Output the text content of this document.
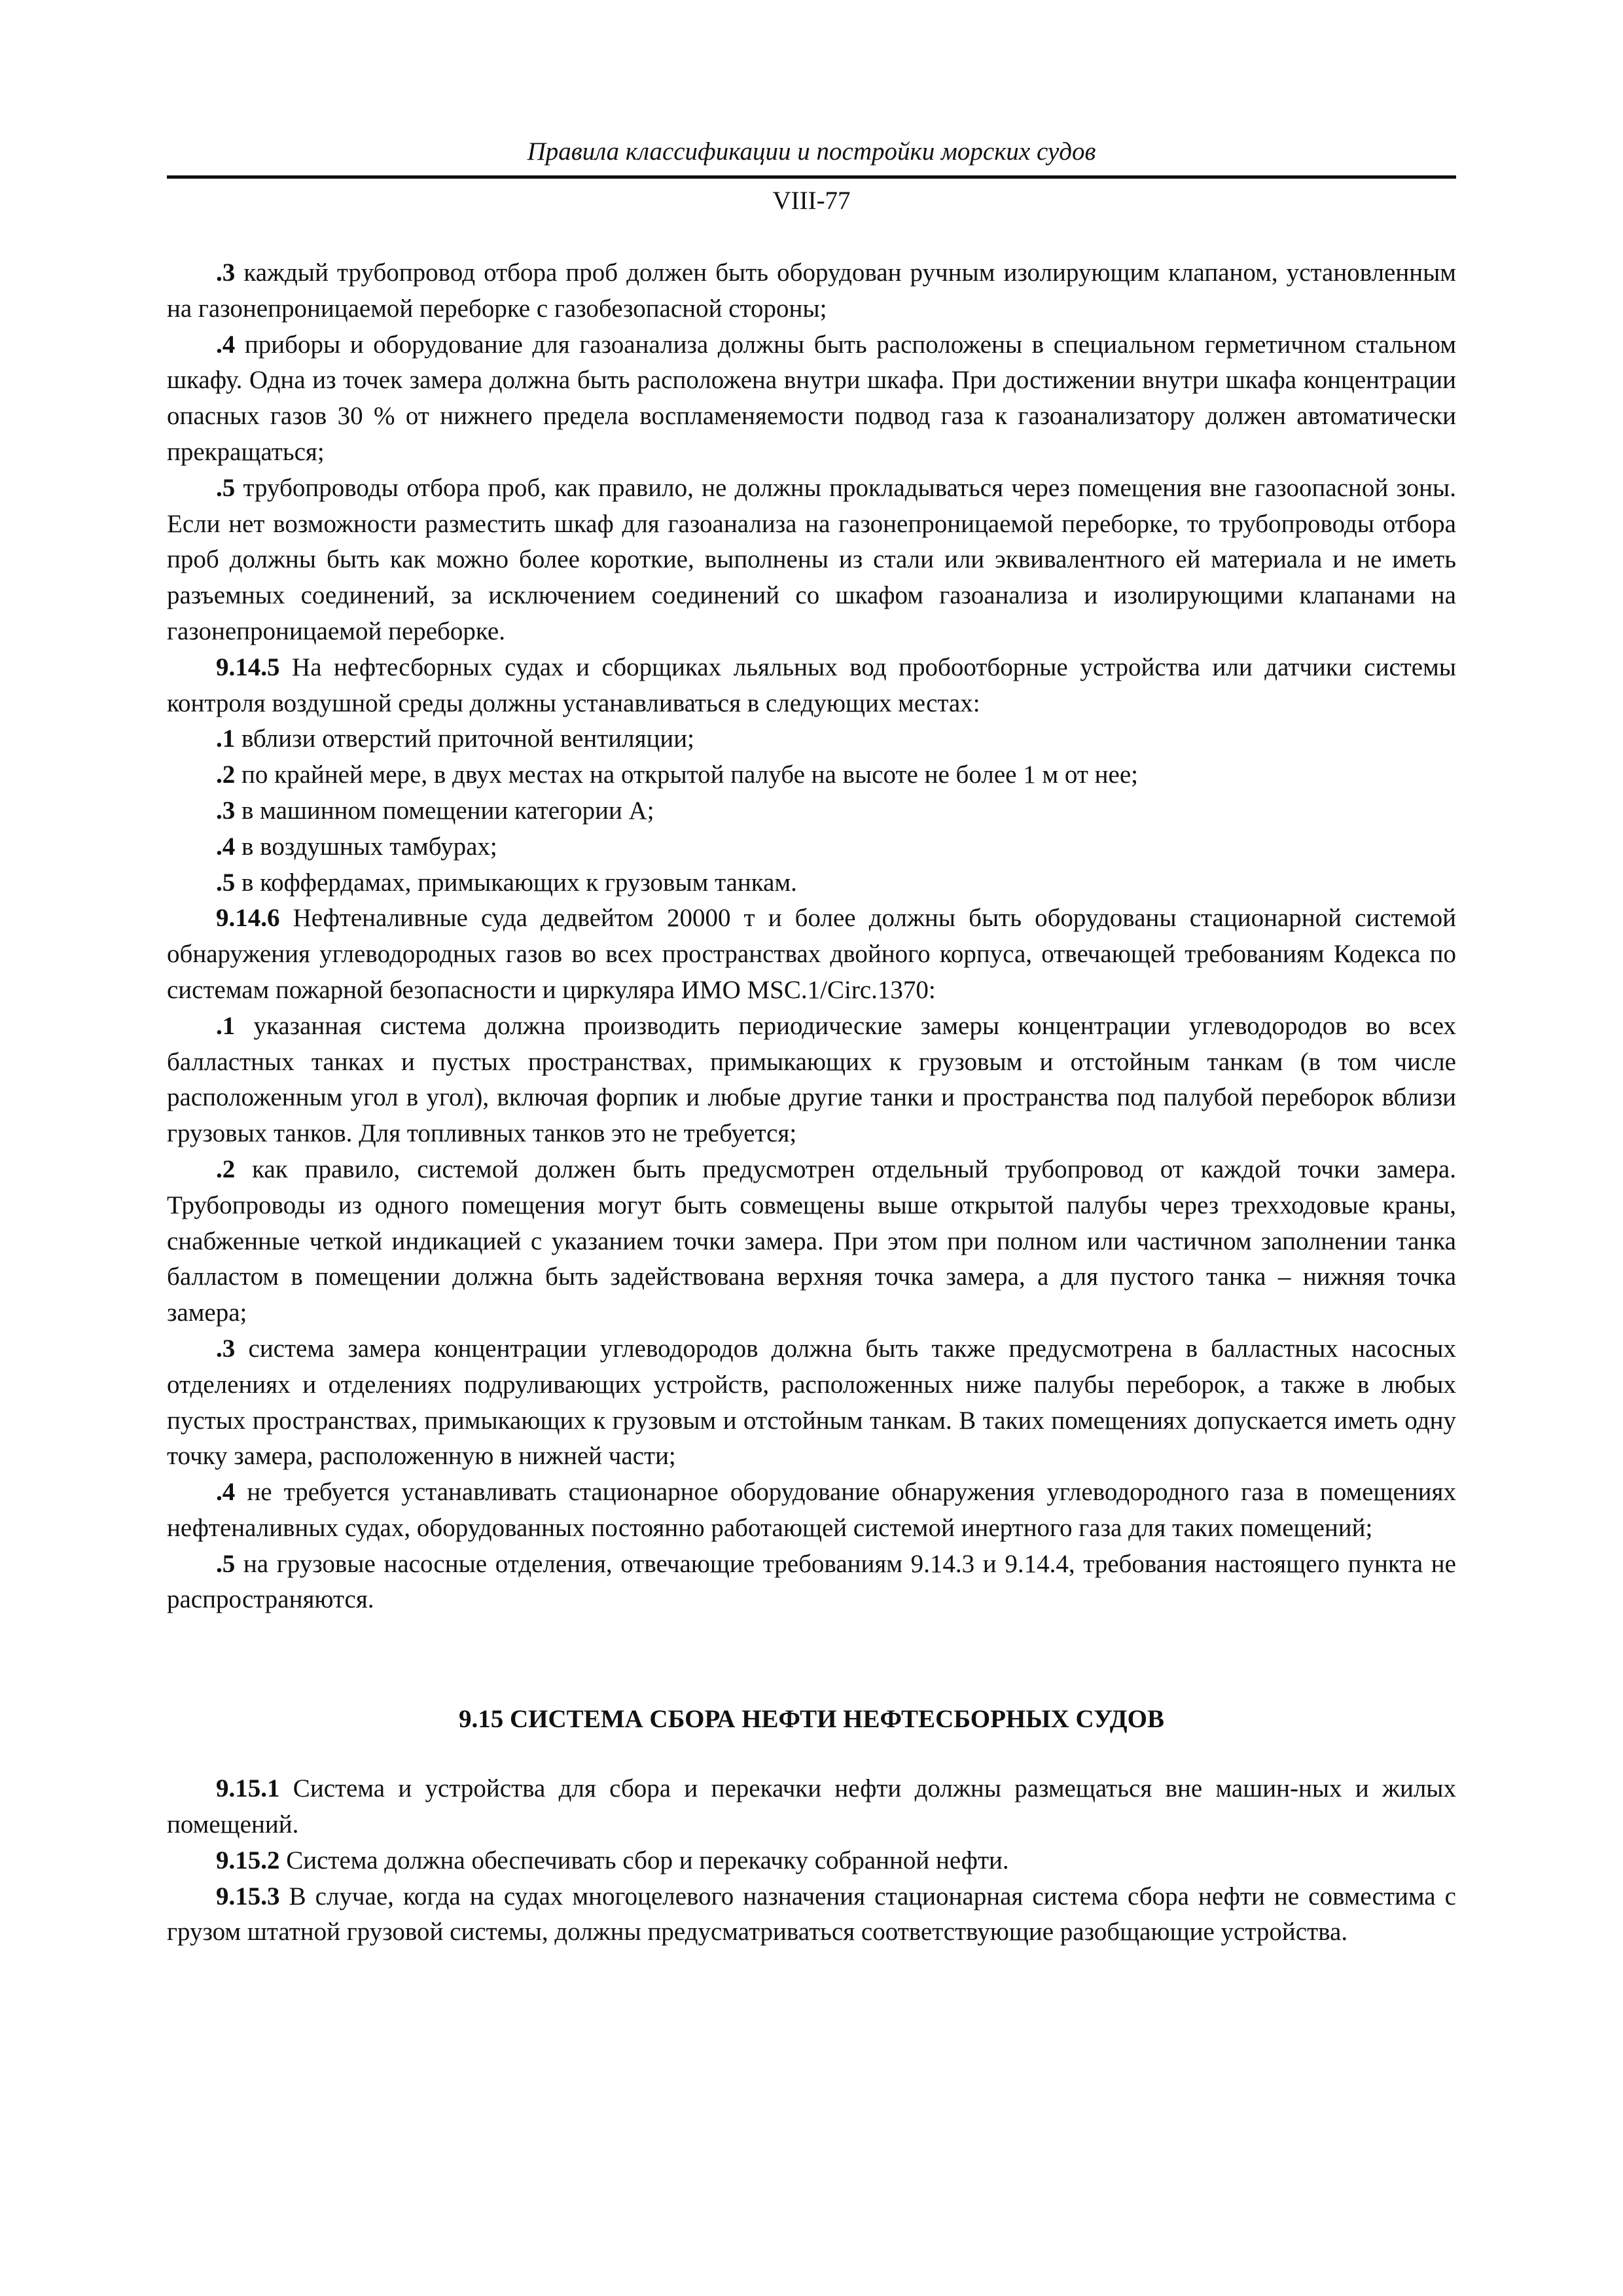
Правила классификации и постройки морских судов
VIII-77

.3 каждый трубопровод отбора проб должен быть оборудован ручным изолирующим клапаном, установленным на газонепроницаемой переборке с газобезопасной стороны;

.4 приборы и оборудование для газоанализа должны быть расположены в специальном герметичном стальном шкафу. Одна из точек замера должна быть расположена внутри шкафа. При достижении внутри шкафа концентрации опасных газов 30 % от нижнего предела воспламеняемости подвод газа к газоанализатору должен автоматически прекращаться;

.5 трубопроводы отбора проб, как правило, не должны прокладываться через помещения вне газоопасной зоны. Если нет возможности разместить шкаф для газоанализа на газонепроницаемой переборке, то трубопроводы отбора проб должны быть как можно более короткие, выполнены из стали или эквивалентного ей материала и не иметь разъемных соединений, за исключением соединений со шкафом газоанализа и изолирующими клапанами на газонепроницаемой переборке.

9.14.5 На нефтесборных судах и сборщиках льяльных вод пробоотборные устройства или датчики системы контроля воздушной среды должны устанавливаться в следующих местах:

.1 вблизи отверстий приточной вентиляции;

.2 по крайней мере, в двух местах на открытой палубе на высоте не более 1 м от нее;

.3 в машинном помещении категории А;

.4 в воздушных тамбурах;

.5 в коффердамах, примыкающих к грузовым танкам.

9.14.6 Нефтеналивные суда дедвейтом 20000 т и более должны быть оборудованы стационарной системой обнаружения углеводородных газов во всех пространствах двойного корпуса, отвечающей требованиям Кодекса по системам пожарной безопасности и циркуляра ИМО MSC.1/Circ.1370:

.1 указанная система должна производить периодические замеры концентрации углеводородов во всех балластных танках и пустых пространствах, примыкающих к грузовым и отстойным танкам (в том числе расположенным угол в угол), включая форпик и любые другие танки и пространства под палубой переборок вблизи грузовых танков. Для топливных танков это не требуется;

.2 как правило, системой должен быть предусмотрен отдельный трубопровод от каждой точки замера. Трубопроводы из одного помещения могут быть совмещены выше открытой палубы через трехходовые краны, снабженные четкой индикацией с указанием точки замера. При этом при полном или частичном заполнении танка балластом в помещении должна быть задействована верхняя точка замера, а для пустого танка – нижняя точка замера;

.3 система замера концентрации углеводородов должна быть также предусмотрена в балластных насосных отделениях и отделениях подруливающих устройств, расположенных ниже палубы переборок, а также в любых пустых пространствах, примыкающих к грузовым и отстойным танкам. В таких помещениях допускается иметь одну точку замера, расположенную в нижней части;

.4 не требуется устанавливать стационарное оборудование обнаружения углеводородного газа в помещениях нефтеналивных судах, оборудованных постоянно работающей системой инертного газа для таких помещений;

.5 на грузовые насосные отделения, отвечающие требованиям 9.14.3 и 9.14.4, требования настоящего пункта не распространяются.

9.15 СИСТЕМА СБОРА НЕФТИ НЕФТЕСБОРНЫХ СУДОВ

9.15.1 Система и устройства для сбора и перекачки нефти должны размещаться вне машин-ных и жилых помещений.

9.15.2 Система должна обеспечивать сбор и перекачку собранной нефти.

9.15.3 В случае, когда на судах многоцелевого назначения стационарная система сбора нефти не совместима с грузом штатной грузовой системы, должны предусматриваться соответствующие разобщающие устройства.
